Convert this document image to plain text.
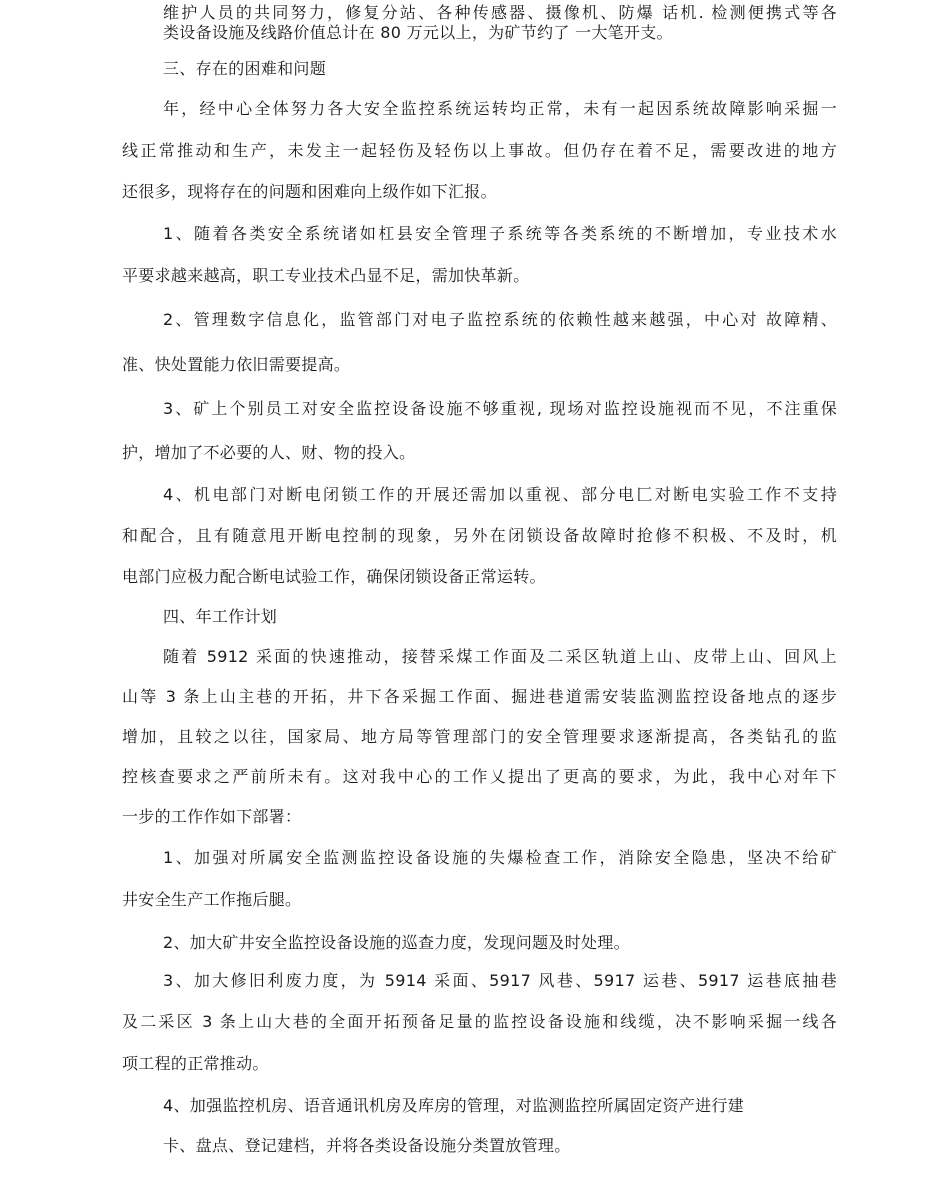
维护人员的共同努力，修复分站、各种传感器、摄像机、防爆 话机. 检测便携式等各

类设备设施及线路价值总计在 80 万元以上，为矿节约了 一大笔开支。

三、存在的困难和问题

年，经中心全体努力各大安全监控系统运转均正常，未有一起因系统故障影响采掘一

线正常推动和生产，未发主一起轻伤及轻伤以上事故。但仍存在着不足，需要改进的地方

还很多，现将存在的问题和困难向上级作如下汇报。

1、随着各类安全系统诸如杠县安全管理子系统等各类系统的不断增加，专业技术水

平要求越来越高，职工专业技术凸显不足，需加快革新。

2、管理数字信息化，监管部门对电子监控系统的依赖性越来越强，中心对 故障精、

准、快处置能力依旧需要提高。

3、矿上个别员工对安全监控设备设施不够重视, 现场对监控设施视而不见，不注重保

护，增加了不必要的人、财、物的投入。

4、机电部门对断电闭锁工作的开展还需加以重视、部分电匚对断电实验工作不支持

和配合，且有随意甩开断电控制的现象，另外在闭锁设备故障时抢修不积极、不及时，机

电部门应极力配合断电试验工作，确保闭锁设备正常运转。

四、年工作计划

随着 5912 采面的快速推动，接替采煤工作面及二采区轨道上山、皮带上山、回风上

山等 3 条上山主巷的开拓，井下各采掘工作面、掘进巷道需安装监测监控设备地点的逐步

增加，且较之以往，国家局、地方局等管理部门的安全管理要求逐渐提高，各类钻孔的监

控核查要求之严前所未有。这对我中心的工作乂提出了更高的要求，为此，我中心对年下

一步的工作作如下部署：

1、加强对所属安全监测监控设备设施的失爆检查工作，消除安全隐患，坚决不给矿

井安全生产工作拖后腿。

2、加大矿井安全监控设备设施的巡查力度，发现问题及时处理。

3、加大修旧利废力度，为 5914 采面、5917 风巷、5917 运巷、5917 运巷底抽巷

及二采区 3 条上山大巷的全面开拓预备足量的监控设备设施和线缆，决不影响采掘一线各

项工程的正常推动。

4、加强监控机房、语音通讯机房及库房的管理，对监测监控所属固定资产进行建

卡、盘点、登记建档，并将各类设备设施分类置放管理。
